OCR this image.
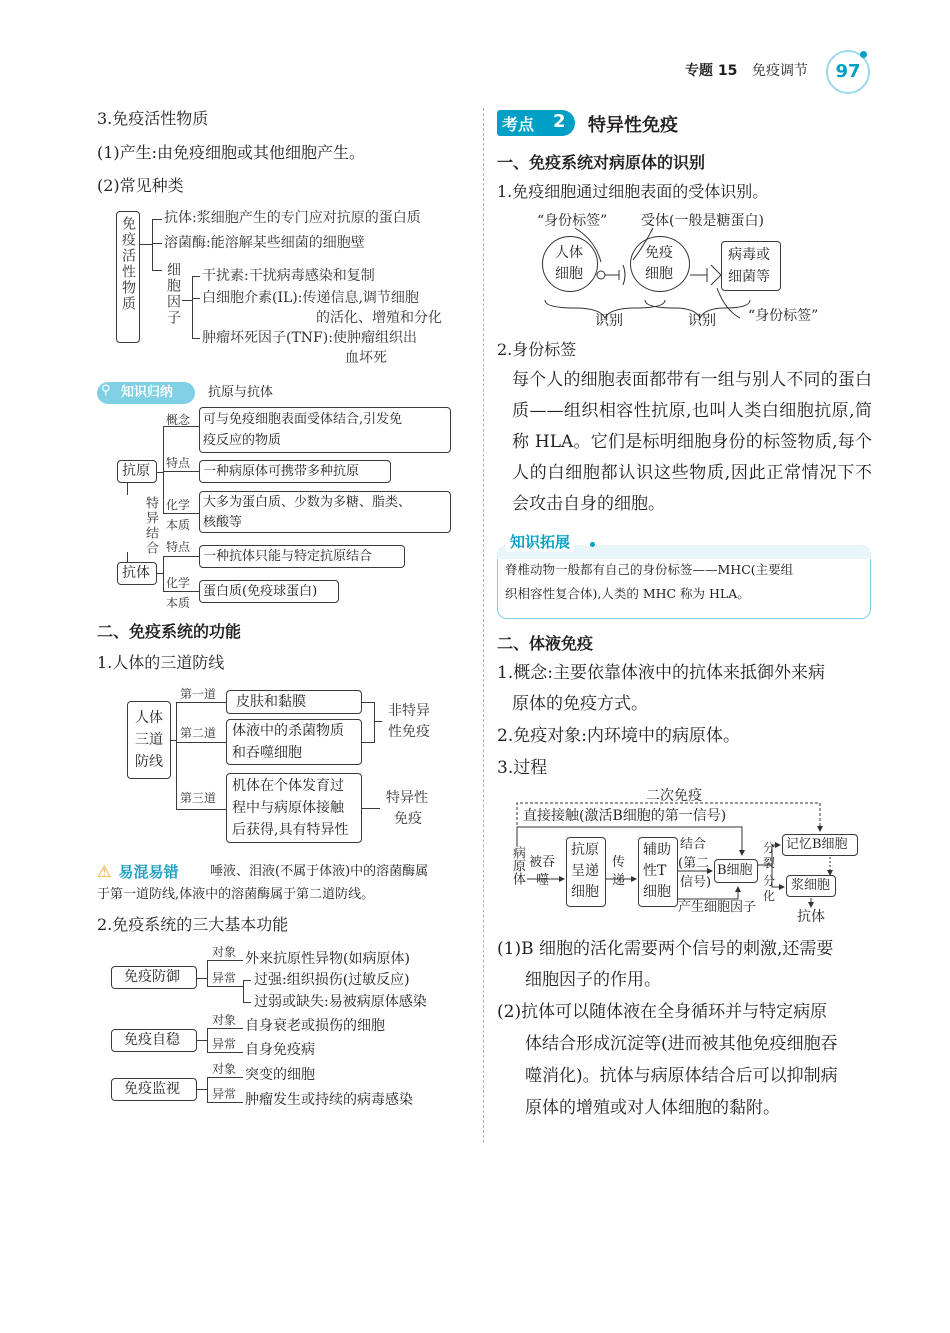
专题 15 免疫调节	97
3.免疫活性物质
(1)产生:由免疫细胞或其他细胞产生。
(2)常见种类
免疫活性物质 抗体:浆细胞产生的专门应对抗原的蛋白质
溶菌酶:能溶解某些细菌的细胞壁
细胞因子 干扰素:干扰病毒感染和复制
白细胞介素(IL):传递信息,调节细胞
的活化、增殖和分化
肿瘤坏死因子(TNF):使肿瘤组织出
血坏死
⚲ 知识归纳	抗原与抗体
抗原
抗体
特异结合
概念
特点
化学
本质
可与免疫细胞表面受体结合,引发免
疫反应的物质
一种病原体可携带多种抗原
大多为蛋白质、少数为多糖、脂类、
核酸等
特点
化学
本质
一种抗体只能与特定抗原结合
蛋白质(免疫球蛋白)
二、免疫系统的功能
1.人体的三道防线
人体
三道
防线
第一道
第二道
第三道
皮肤和黏膜
体液中的杀菌物质
和吞噬细胞
机体在个体发育过
程中与病原体接触
后获得,具有特异性
非特异
性免疫
特异性
免疫
⚠ 易混易错 唾液、泪液(不属于体液)中的溶菌酶属
于第一道防线,体液中的溶菌酶属于第二道防线。
2.免疫系统的三大基本功能
免疫防御
对象
异常
外来抗原性异物(如病原体)
过强:组织损伤(过敏反应)
过弱或缺失:易被病原体感染
免疫自稳
对象
异常
自身衰老或损伤的细胞
自身免疫病
免疫监视
对象
异常
突变的细胞
肿瘤发生或持续的病毒感染
考点 2 特异性免疫
一、免疫系统对病原体的识别
1.免疫细胞通过细胞表面的受体识别。
“身份标签” 受体(一般是糖蛋白)
人体
细胞
免疫
细胞
病毒或
细菌等
识别	识别 “身份标签”
2.身份标签
每个人的细胞表面都带有一组与别人不同的蛋白质——组织相容性抗原,也叫人类白细胞抗原,简称 HLA。它们是标明细胞身份的标签物质,每个人的白细胞都认识这些物质,因此正常情况下不会攻击自身的细胞。
知识拓展
脊椎动物一般都有自己的身份标签——MHC(主要组
织相容性复合体),人类的 MHC 称为 HLA。
二、体液免疫
1.概念:主要依靠体液中的抗体来抵御外来病
原体的免疫方式。
2.免疫对象:内环境中的病原体。
3.过程
二次免疫
直接接触(激活B细胞的第一信号)
病原体 被吞
噬
抗原
呈递
细胞
传
递
辅助
性T
细胞
结合
(第二
信号)
产生细胞因子
B细胞
分
裂
分
化
记忆B细胞
浆细胞
抗体
(1)B 细胞的活化需要两个信号的刺激,还需要
细胞因子的作用。
(2)抗体可以随体液在全身循环并与特定病原
体结合形成沉淀等(进而被其他免疫细胞吞
噬消化)。抗体与病原体结合后可以抑制病
原体的增殖或对人体细胞的黏附。
